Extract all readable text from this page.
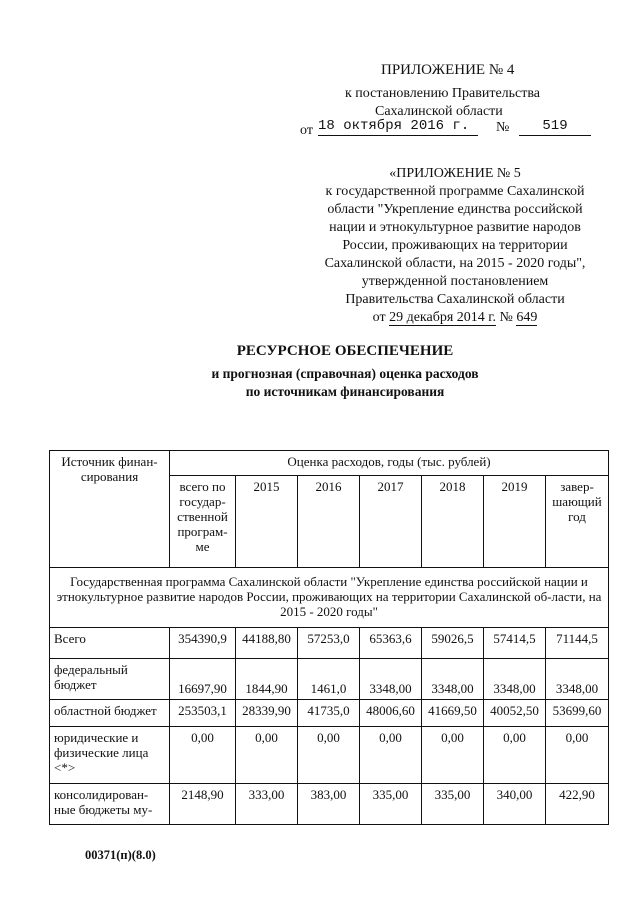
ПРИЛОЖЕНИЕ № 4
к постановлению Правительства
Сахалинской области
от 18 октября 2016 г.	№	519
«ПРИЛОЖЕНИЕ № 5
к государственной программе Сахалинской
области "Укрепление единства российской
нации и этнокультурное развитие народов
России, проживающих на территории
Сахалинской области, на 2015 - 2020 годы",
утвержденной постановлением
Правительства Сахалинской области
от 29 декабря 2014 г. № 649
РЕСУРСНОЕ ОБЕСПЕЧЕНИЕ
и прогнозная (справочная) оценка расходов
по источникам финансирования
Источник финан-сирования	Оценка расходов, годы (тыс. рублей)						
	всего по государ-ственной програм-ме	2015	2016	2017	2018	2019	завер-шающий год
Государственная программа Сахалинской области "Укрепление единства российской нации и этнокультурное развитие народов России, проживающих на территории Сахалинской об-ласти, на 2015 - 2020 годы"							
Всего	354390,9	44188,80	57253,0	65363,6	59026,5	57414,5	71144,5
федеральный бюджет	16697,90	1844,90	1461,0	3348,00	3348,00	3348,00	3348,00
областной бюджет	253503,1	28339,90	41735,0	48006,60	41669,50	40052,50	53699,60
юридические и физические лица <*>	0,00	0,00	0,00	0,00	0,00	0,00	0,00
консолидирован-ные бюджеты му-	2148,90	333,00	383,00	335,00	335,00	340,00	422,90
00371(п)(8.0)
